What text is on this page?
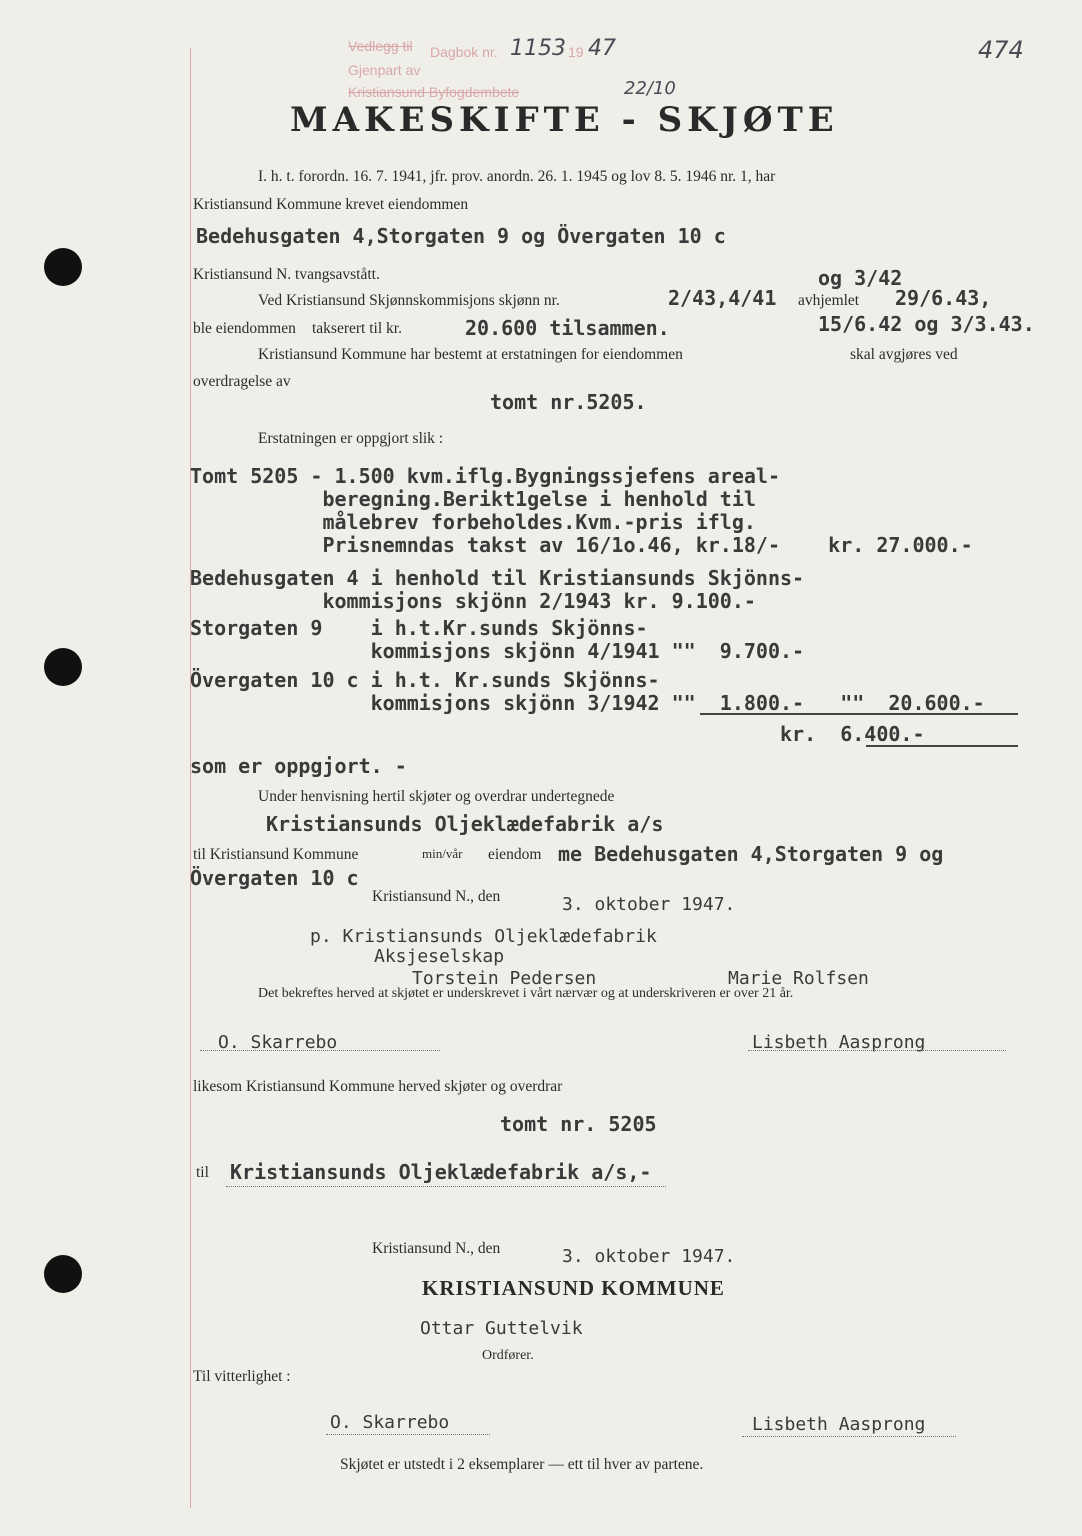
Vedlegg til Dagbok nr. 1153 19 47
Gjenpart av
Kristiansund Byfogdembete	22/10
474
MAKESKIFTE - SKJØTE
I. h. t. forordn. 16. 7. 1941, jfr. prov. anordn. 26. 1. 1945 og lov 8. 5. 1946 nr. 1, har
Kristiansund Kommune krevet eiendommen
Bedehusgaten 4,Storgaten 9 og Övergaten 10 c
Kristiansund N. tvangsavstått.
Ved Kristiansund Skjønnskommisjons skjønn nr.	2/43,4/41
og 3/42
avhjemlet 29/6.43,
15/6.42 og 3/3.43.
ble eiendommen takserert til kr.	20.600 tilsammen.
Kristiansund Kommune har bestemt at erstatningen for eiendommen	skal avgjøres ved
overdragelse av
tomt nr.5205.
Erstatningen er oppgjort slik :
Tomt 5205 - 1.500 kvm.iflg.Bygningssjefens areal-
beregning.Berikt1gelse i henhold til
målebrev forbeholdes.Kvm.-pris iflg.
Prisnemndas takst av 16/1o.46, kr.18/-    kr. 27.000.-
Bedehusgaten 4 i henhold til Kristiansunds Skjönns-
kommisjons skjönn 2/1943 kr. 9.100.-
Storgaten 9    i h.t.Kr.sunds Skjönns-
kommisjons skjönn 4/1941 ""  9.700.-
Övergaten 10 c i h.t. Kr.sunds Skjönns-
kommisjons skjönn 3/1942 ""  1.800.-   ""  20.600.-
kr.  6.400.-
som er oppgjort. -
Under henvisning hertil skjøter og overdrar undertegnede
Kristiansunds Oljeklædefabrik a/s
til Kristiansund Kommune	min/vår eiendom me Bedehusgaten 4,Storgaten 9 og
Övergaten 10 c
Kristiansund N., den	3. oktober 1947.
p. Kristiansunds Oljeklædefabrik
Aksjeselskap
Torstein Pedersen	Marie Rolfsen
Det bekreftes herved at skjøtet er underskrevet i vårt nærvær og at underskriveren er over 21 år.
O. Skarrebo	Lisbeth Aasprong
likesom Kristiansund Kommune herved skjøter og overdrar
tomt nr. 5205
til Kristiansunds Oljeklædefabrik a/s,-
Kristiansund N., den	3. oktober 1947.
KRISTIANSUND KOMMUNE
Ottar Guttelvik
Ordfører.
Til vitterlighet :
O. Skarrebo	Lisbeth Aasprong
Skjøtet er utstedt i 2 eksemplarer — ett til hver av partene.
